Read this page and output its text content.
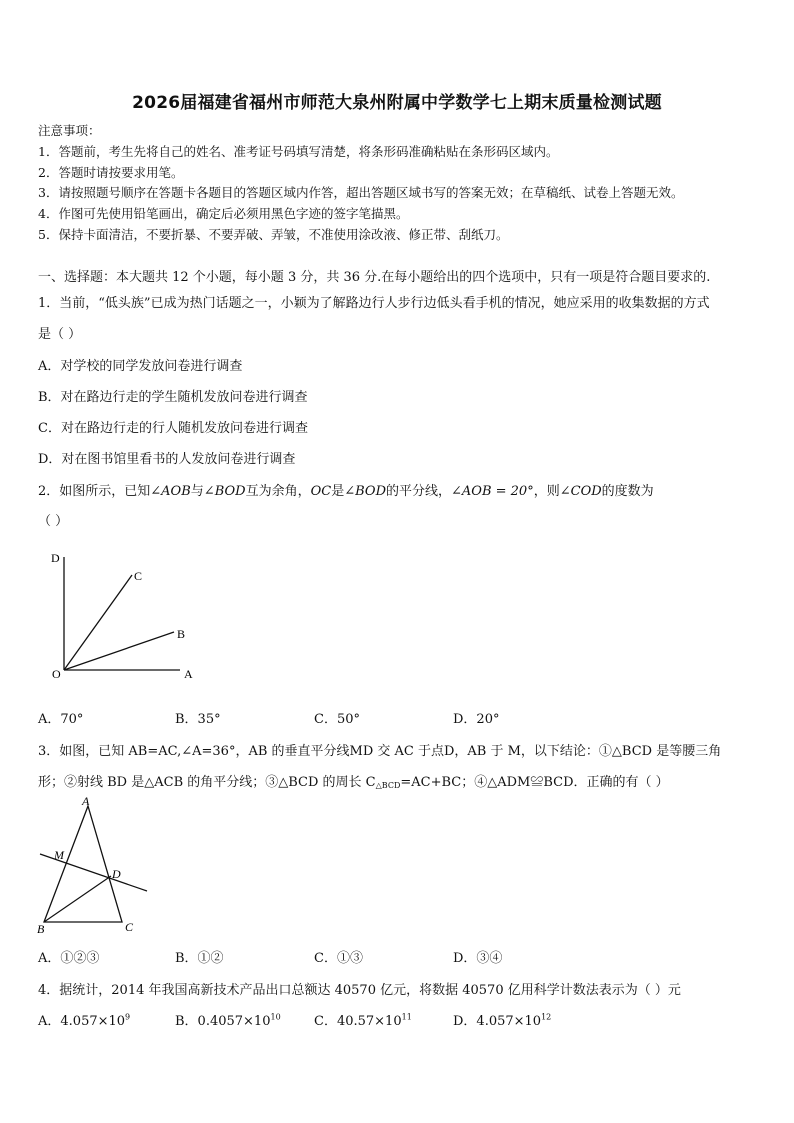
2026届福建省福州市师范大泉州附属中学数学七上期末质量检测试题
注意事项：
1．答题前，考生先将自己的姓名、准考证号码填写清楚，将条形码准确粘贴在条形码区域内。
2．答题时请按要求用笔。
3．请按照题号顺序在答题卡各题目的答题区域内作答，超出答题区域书写的答案无效；在草稿纸、试卷上答题无效。
4．作图可先使用铅笔画出，确定后必须用黑色字迹的签字笔描黑。
5．保持卡面清洁，不要折暴、不要弄破、弄皱，不准使用涂改液、修正带、刮纸刀。
一、选择题：本大题共 12 个小题，每小题 3 分，共 36 分.在每小题给出的四个选项中，只有一项是符合题目要求的.
1．当前，“低头族”已成为热门话题之一，小颖为了解路边行人步行边低头看手机的情况，她应采用的收集数据的方式
是（ ）
A．对学校的同学发放问卷进行调查
B．对在路边行走的学生随机发放问卷进行调查
C．对在路边行走的行人随机发放问卷进行调查
D．对在图书馆里看书的人发放问卷进行调查
2．如图所示，已知∠AOB与∠BOD互为余角，OC是∠BOD的平分线，∠AOB = 20°，则∠COD的度数为
（ ）
D
C
B
O	A
A．70°	B．35°	C．50°	D．20°
3．如图，已知 AB=AC,∠A=36°，AB 的垂直平分线MD 交 AC 于点D，AB 于 M，以下结论：①△BCD 是等腰三角
形；②射线 BD 是△ACB 的角平分线；③△BCD 的周长 C△BCD=AC+BC；④△ADM≌BCD．正确的有（ ）
A
M
D
B	C
A．①②③	B．①②	C．①③	D．③④
4．据统计，2014 年我国高新技术产品出口总额达 40570 亿元，将数据 40570 亿用科学计数法表示为（ ）元
A．$4.057\times 10^9$	B．$0.4057\times 10^{10}$	C．$40.57\times 10^{11}$	D．$4.057\times 10^{12}$
